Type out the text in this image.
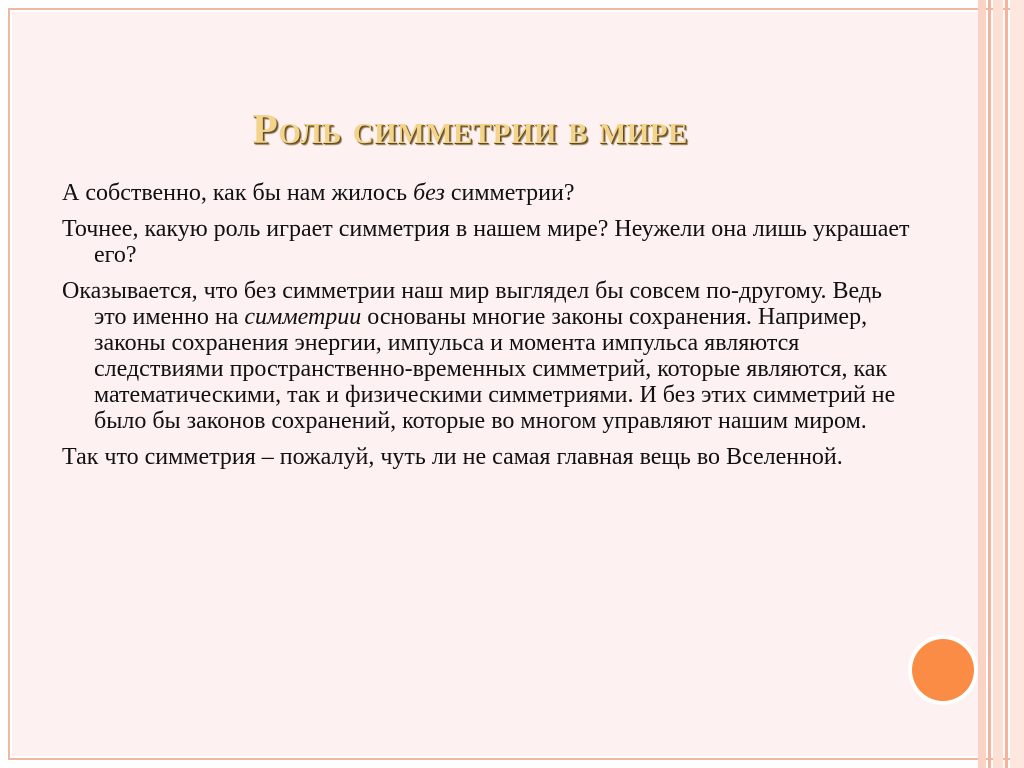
Роль симметрии в мире

А собственно, как бы нам жилось без симметрии?

Точнее, какую роль играет симметрия в нашем мире? Неужели она лишь украшает его?

Оказывается, что без симметрии наш мир выглядел бы совсем по-другому. Ведь это именно на симметрии основаны многие законы сохранения. Например, законы сохранения энергии, импульса и момента импульса являются следствиями пространственно-временных симметрий, которые являются, как математическими, так и физическими симметриями. И без этих симметрий не было бы законов сохранений, которые во многом управляют нашим миром.

Так что симметрия – пожалуй, чуть ли не самая главная вещь во Вселенной.
